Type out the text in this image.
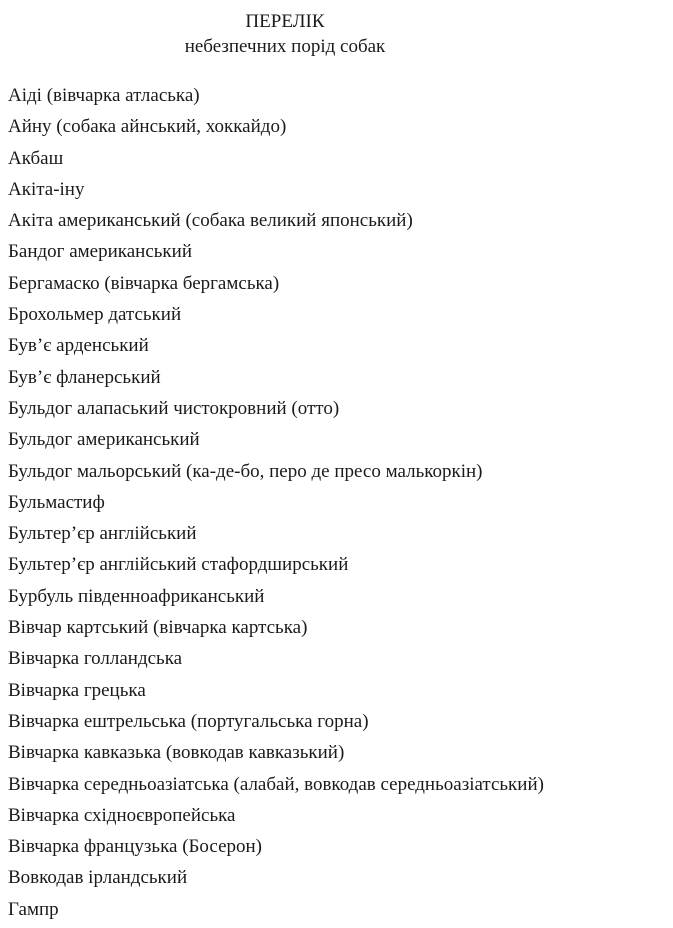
ПЕРЕЛІК
небезпечних порід собак
Аіді (вівчарка атласька)
Айну (собака айнський, хоккайдо)
Акбаш
Акіта-іну
Акіта американський (собака великий японський)
Бандог американський
Бергамаско (вівчарка бергамська)
Брохольмер датський
Був’є арденський
Був’є фланерський
Бульдог алапаський чистокровний (отто)
Бульдог американський
Бульдог мальорський (ка-де-бо, перо де пресо малькоркін)
Бульмастиф
Бультер’єр англійський
Бультер’єр англійський стафордширський
Бурбуль південноафриканський
Вівчар картський (вівчарка картська)
Вівчарка голландська
Вівчарка грецька
Вівчарка ештрельська (португальська горна)
Вівчарка кавказька (вовкодав кавказький)
Вівчарка середньоазіатська (алабай, вовкодав середньоазіатський)
Вівчарка східноєвропейська
Вівчарка французька (Босерон)
Вовкодав ірландський
Гампр
